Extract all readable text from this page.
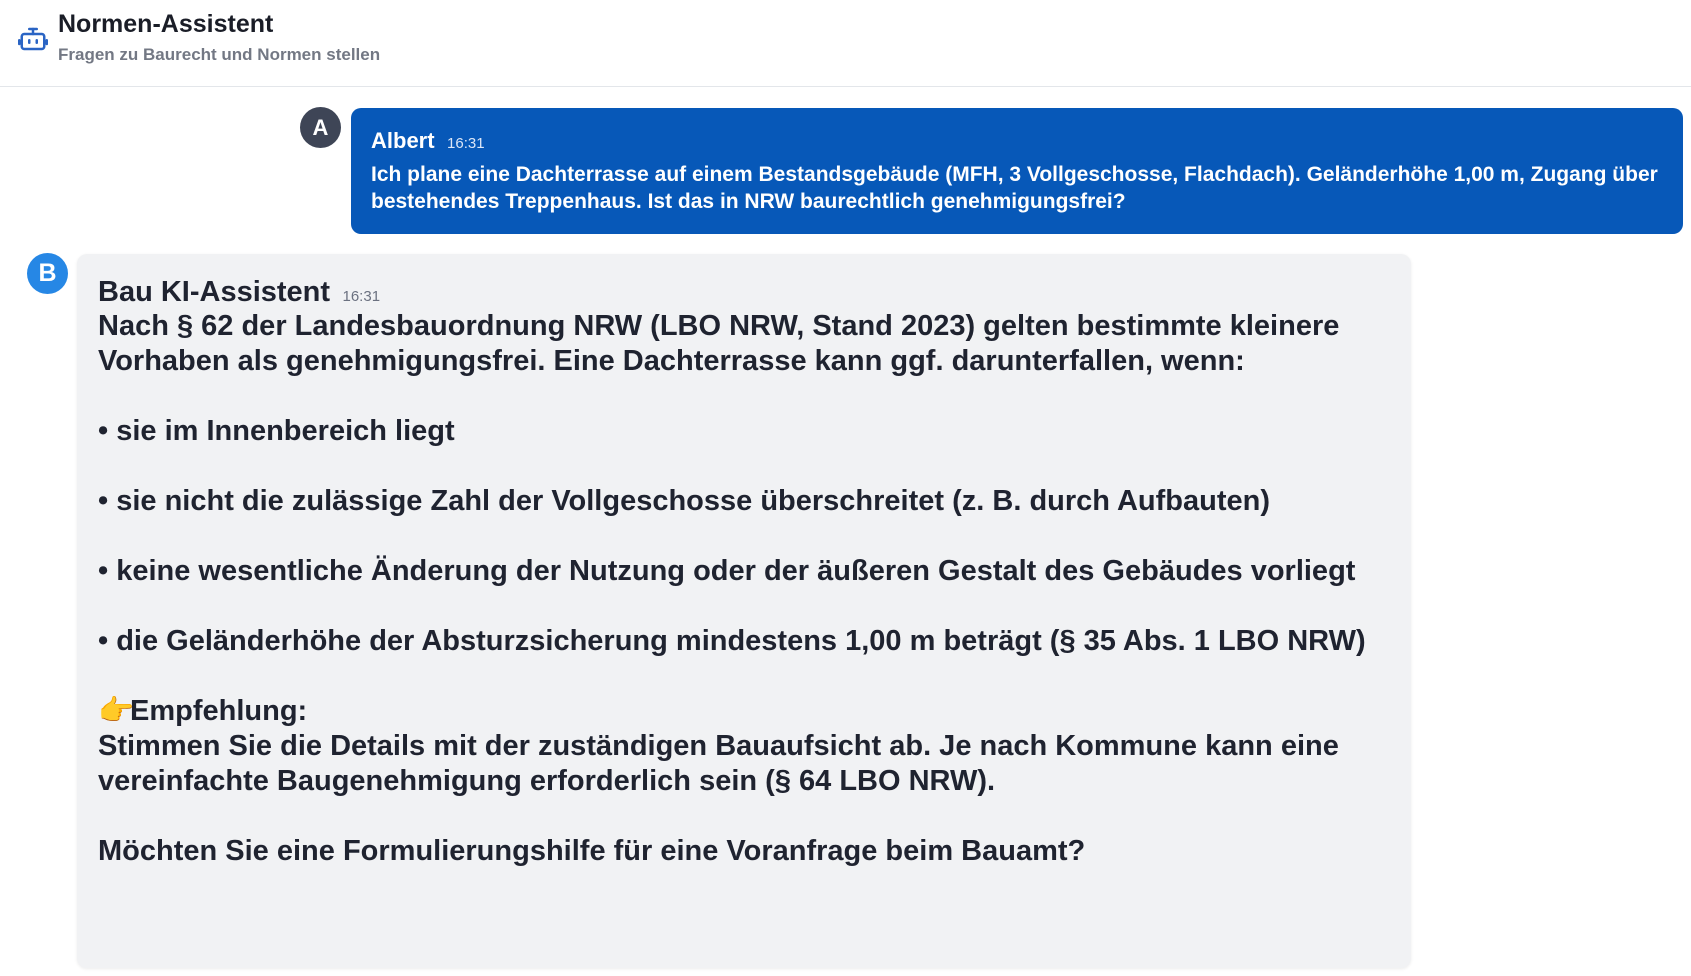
Normen-Assistent
Fragen zu Baurecht und Normen stellen
A
Albert 16:31
Ich plane eine Dachterrasse auf einem Bestandsgebäude (MFH, 3 Vollgeschosse, Flachdach). Geländerhöhe 1,00 m, Zugang über bestehendes Treppenhaus. Ist das in NRW baurechtlich genehmigungsfrei?
B
Bau KI-Assistent 16:31
Nach § 62 der Landesbauordnung NRW (LBO NRW, Stand 2023) gelten bestimmte kleinere Vorhaben als genehmigungsfrei. Eine Dachterrasse kann ggf. darunterfallen, wenn:
• sie im Innenbereich liegt
• sie nicht die zulässige Zahl der Vollgeschosse überschreitet (z. B. durch Aufbauten)
• keine wesentliche Änderung der Nutzung oder der äußeren Gestalt des Gebäudes vorliegt
• die Geländerhöhe der Absturzsicherung mindestens 1,00 m beträgt (§ 35 Abs. 1 LBO NRW)
👉Empfehlung:
Stimmen Sie die Details mit der zuständigen Bauaufsicht ab. Je nach Kommune kann eine vereinfachte Baugenehmigung erforderlich sein (§ 64 LBO NRW).
Möchten Sie eine Formulierungshilfe für eine Voranfrage beim Bauamt?
